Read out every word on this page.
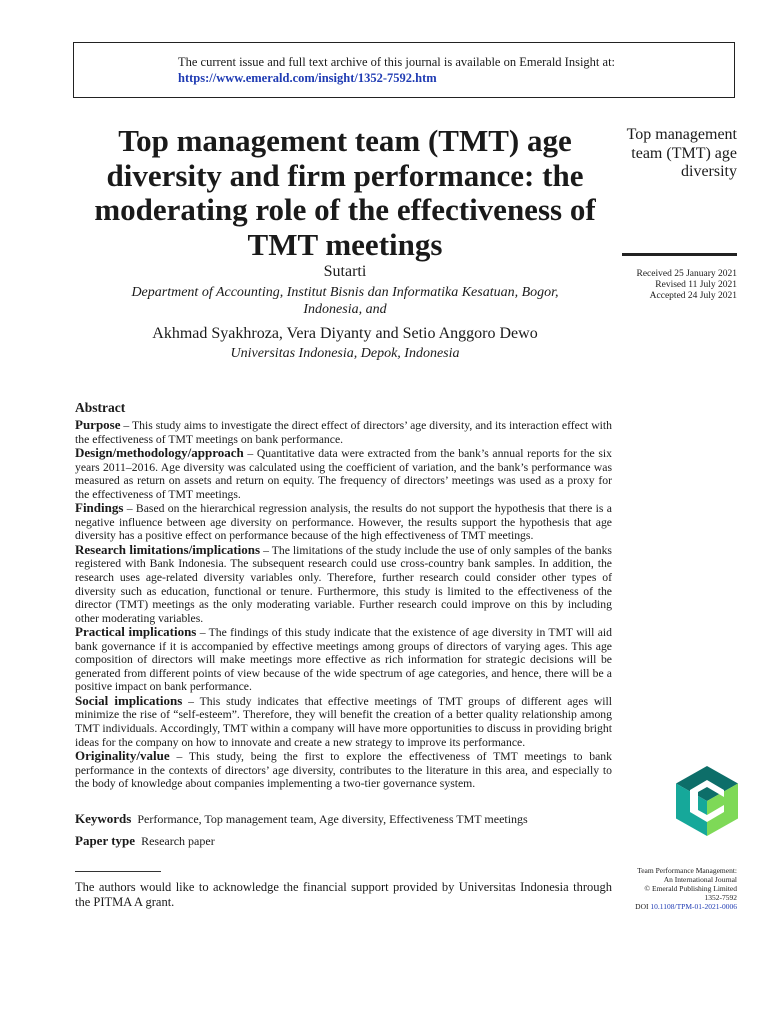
The current issue and full text archive of this journal is available on Emerald Insight at:
https://www.emerald.com/insight/1352-7592.htm
Top management team (TMT) age diversity and firm performance: the moderating role of the effectiveness of TMT meetings
Top management team (TMT) age diversity
Received 25 January 2021
Revised 11 July 2021
Accepted 24 July 2021
Sutarti
Department of Accounting, Institut Bisnis dan Informatika Kesatuan, Bogor, Indonesia, and
Akhmad Syakhroza, Vera Diyanty and Setio Anggoro Dewo
Universitas Indonesia, Depok, Indonesia
Abstract

Purpose – This study aims to investigate the direct effect of directors’ age diversity, and its interaction effect with the effectiveness of TMT meetings on bank performance.

Design/methodology/approach – Quantitative data were extracted from the bank’s annual reports for the six years 2011–2016. Age diversity was calculated using the coefficient of variation, and the bank’s performance was measured as return on assets and return on equity. The frequency of directors’ meetings was used as a proxy for the effectiveness of TMT meetings.

Findings – Based on the hierarchical regression analysis, the results do not support the hypothesis that there is a negative influence between age diversity on performance. However, the results support the hypothesis that age diversity has a positive effect on performance because of the high effectiveness of TMT meetings.

Research limitations/implications – The limitations of the study include the use of only samples of the banks registered with Bank Indonesia. The subsequent research could use cross-country bank samples. In addition, the research uses age-related diversity variables only. Therefore, further research could consider other types of diversity such as education, functional or tenure. Furthermore, this study is limited to the effectiveness of the director (TMT) meetings as the only moderating variable. Further research could improve on this by including other moderating variables.

Practical implications – The findings of this study indicate that the existence of age diversity in TMT will aid bank governance if it is accompanied by effective meetings among groups of directors of varying ages. This age composition of directors will make meetings more effective as rich information for strategic decisions will be generated from different points of view because of the wide spectrum of age categories, and hence, there will be a positive impact on bank performance.

Social implications – This study indicates that effective meetings of TMT groups of different ages will minimize the rise of “self-esteem”. Therefore, they will benefit the creation of a better quality relationship among TMT individuals. Accordingly, TMT within a company will have more opportunities to discuss in providing bright ideas for the company on how to innovate and create a new strategy to improve its performance.

Originality/value – This study, being the first to explore the effectiveness of TMT meetings to bank performance in the contexts of directors’ age diversity, contributes to the literature in this area, and especially to the body of knowledge about companies implementing a two-tier governance system.

Keywords Performance, Top management team, Age diversity, Effectiveness TMT meetings
Paper type Research paper
The authors would like to acknowledge the financial support provided by Universitas Indonesia through the PITMA A grant.
Team Performance Management:
An International Journal
© Emerald Publishing Limited
1352-7592
DOI 10.1108/TPM-01-2021-0006
